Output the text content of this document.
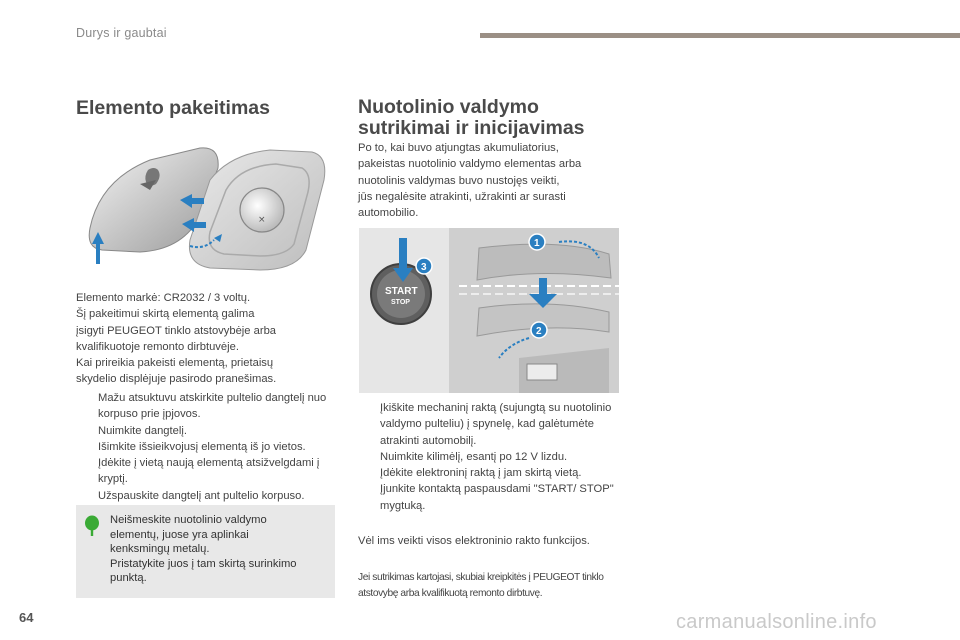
Durys ir gaubtai
Elemento pakeitimas	Nuotolinio valdymo
sutrikimai ir inicijavimas
×
START
STOP
3
1
2
Elemento markė: CR2032 / 3 voltų.
Šį pakeitimui skirtą elementą galima
įsigyti PEUGEOT tinklo atstovybėje arba
kvalifikuotoje remonto dirbtuvėje.
Kai prireikia pakeisti elementą, prietaisų
skydelio displėjuje pasirodo pranešimas.
Mažu atsuktuvu atskirkite pultelio dangtelį nuo korpuso prie įpjovos.
Nuimkite dangtelį.
Išimkite išsieikvojusį elementą iš jo vietos.
Įdėkite į vietą naują elementą atsižvelgdami į kryptį.
Užspauskite dangtelį ant pultelio korpuso.
Neišmeskite nuotolinio valdymo
elementų, juose yra aplinkai
kenksmingų metalų.
Pristatykite juos į tam skirtą surinkimo
punktą.
Po to, kai buvo atjungtas akumuliatorius,
pakeistas nuotolinio valdymo elementas arba
nuotolinis valdymas buvo nustojęs veikti,
jūs negalėsite atrakinti, užrakinti ar surasti
automobilio.
Įkiškite mechaninį raktą (sujungtą su nuotolinio valdymo pulteliu) į spynelę, kad galėtumėte atrakinti automobilį.
Nuimkite kilimėlį, esantį po 12 V lizdu.
Įdėkite elektroninį raktą į jam skirtą vietą.
Įjunkite kontaktą paspausdami "START/ STOP" mygtuką.
Vėl ims veikti visos elektroninio rakto funkcijos.
Jei sutrikimas kartojasi, skubiai kreipkitės į PEUGEOT tinklo atstovybę arba kvalifikuotą remonto dirbtuvę.
64	carmanualsonline.info
